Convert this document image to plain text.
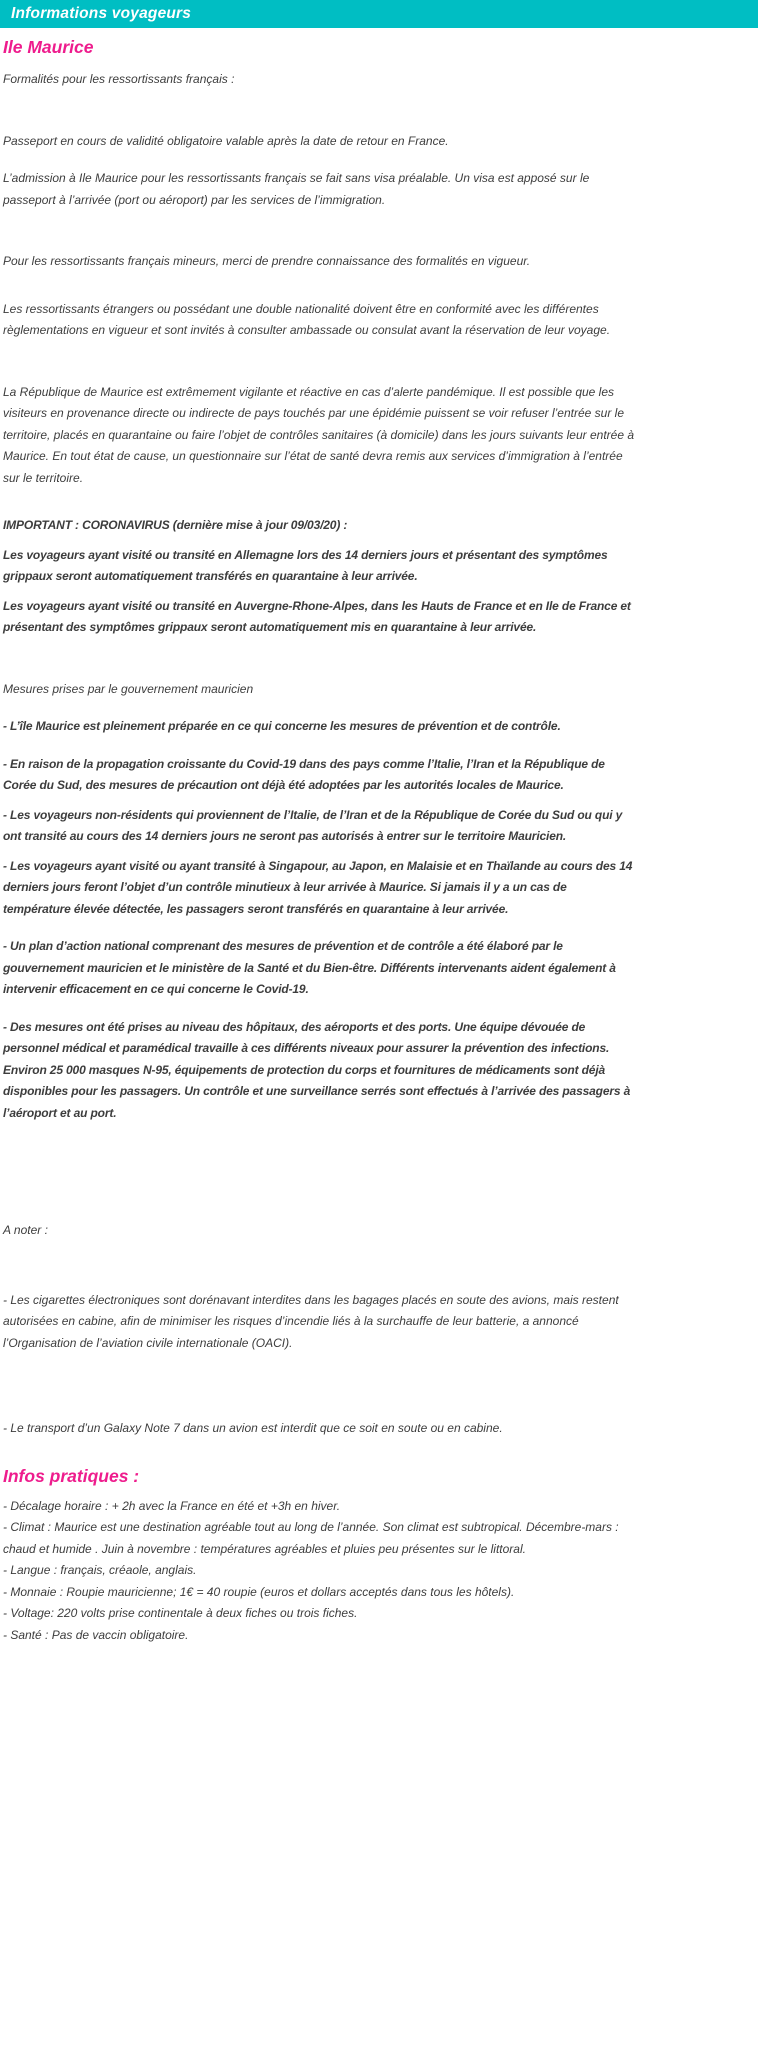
Informations voyageurs
Ile Maurice

Formalités pour les ressortissants français :

Passeport en cours de validité obligatoire valable après la date de retour en France.

L’admission à Ile Maurice pour les ressortissants français se fait sans visa préalable. Un visa est apposé sur le passeport à l’arrivée (port ou aéroport) par les services de l’immigration.

Pour les ressortissants français mineurs, merci de prendre connaissance des formalités en vigueur.

Les ressortissants étrangers ou possédant une double nationalité doivent être en conformité avec les différentes règlementations en vigueur et sont invités à consulter ambassade ou consulat avant la réservation de leur voyage.

La République de Maurice est extrêmement vigilante et réactive en cas d’alerte pandémique. Il est possible que les visiteurs en provenance directe ou indirecte de pays touchés par une épidémie puissent se voir refuser l’entrée sur le territoire, placés en quarantaine ou faire l’objet de contrôles sanitaires (à domicile) dans les jours suivants leur entrée à Maurice. En tout état de cause, un questionnaire sur l’état de santé devra remis aux services d’immigration à l’entrée sur le territoire.

IMPORTANT : CORONAVIRUS (dernière mise à jour 09/03/20) :

Les voyageurs ayant visité ou transité en Allemagne lors des 14 derniers jours et présentant des symptômes grippaux seront automatiquement transférés en quarantaine à leur arrivée.

Les voyageurs ayant visité ou transité en Auvergne-Rhone-Alpes, dans les Hauts de France et en Ile de France et présentant des symptômes grippaux seront automatiquement mis en quarantaine à leur arrivée.

Mesures prises par le gouvernement mauricien

- L’île Maurice est pleinement préparée en ce qui concerne les mesures de prévention et de contrôle.

- En raison de la propagation croissante du Covid-19 dans des pays comme l’Italie, l’Iran et la République de Corée du Sud, des mesures de précaution ont déjà été adoptées par les autorités locales de Maurice.

- Les voyageurs non-résidents qui proviennent de l’Italie, de l’Iran et de la République de Corée du Sud ou qui y ont transité au cours des 14 derniers jours ne seront pas autorisés à entrer sur le territoire Mauricien.

- Les voyageurs ayant visité ou ayant transité à Singapour, au Japon, en Malaisie et en Thaïlande au cours des 14 derniers jours feront l’objet d’un contrôle minutieux à leur arrivée à Maurice. Si jamais il y a un cas de température élevée détectée, les passagers seront transférés en quarantaine à leur arrivée.

- Un plan d’action national comprenant des mesures de prévention et de contrôle a été élaboré par le gouvernement mauricien et le ministère de la Santé et du Bien-être. Différents intervenants aident également à intervenir efficacement en ce qui concerne le Covid-19.

- Des mesures ont été prises au niveau des hôpitaux, des aéroports et des ports. Une équipe dévouée de personnel médical et paramédical travaille à ces différents niveaux pour assurer la prévention des infections. Environ 25 000 masques N-95, équipements de protection du corps et fournitures de médicaments sont déjà disponibles pour les passagers. Un contrôle et une surveillance serrés sont effectués à l’arrivée des passagers à l’aéroport et au port.

A noter :

- Les cigarettes électroniques sont dorénavant interdites dans les bagages placés en soute des avions, mais restent autorisées en cabine, afin de minimiser les risques d’incendie liés à la surchauffe de leur batterie, a annoncé l’Organisation de l’aviation civile internationale (OACI).

- Le transport d’un Galaxy Note 7 dans un avion est interdit que ce soit en soute ou en cabine.

Infos pratiques :

- Décalage horaire : + 2h avec la France en été et +3h en hiver.

- Climat : Maurice est une destination agréable tout au long de l’année. Son climat est subtropical. Décembre-mars : chaud et humide . Juin à novembre : températures agréables et pluies peu présentes sur le littoral.

- Langue : français, créaole, anglais.

- Monnaie : Roupie mauricienne; 1€ = 40 roupie (euros et dollars acceptés dans tous les hôtels).

- Voltage: 220 volts prise continentale à deux fiches ou trois fiches.

- Santé : Pas de vaccin obligatoire.
